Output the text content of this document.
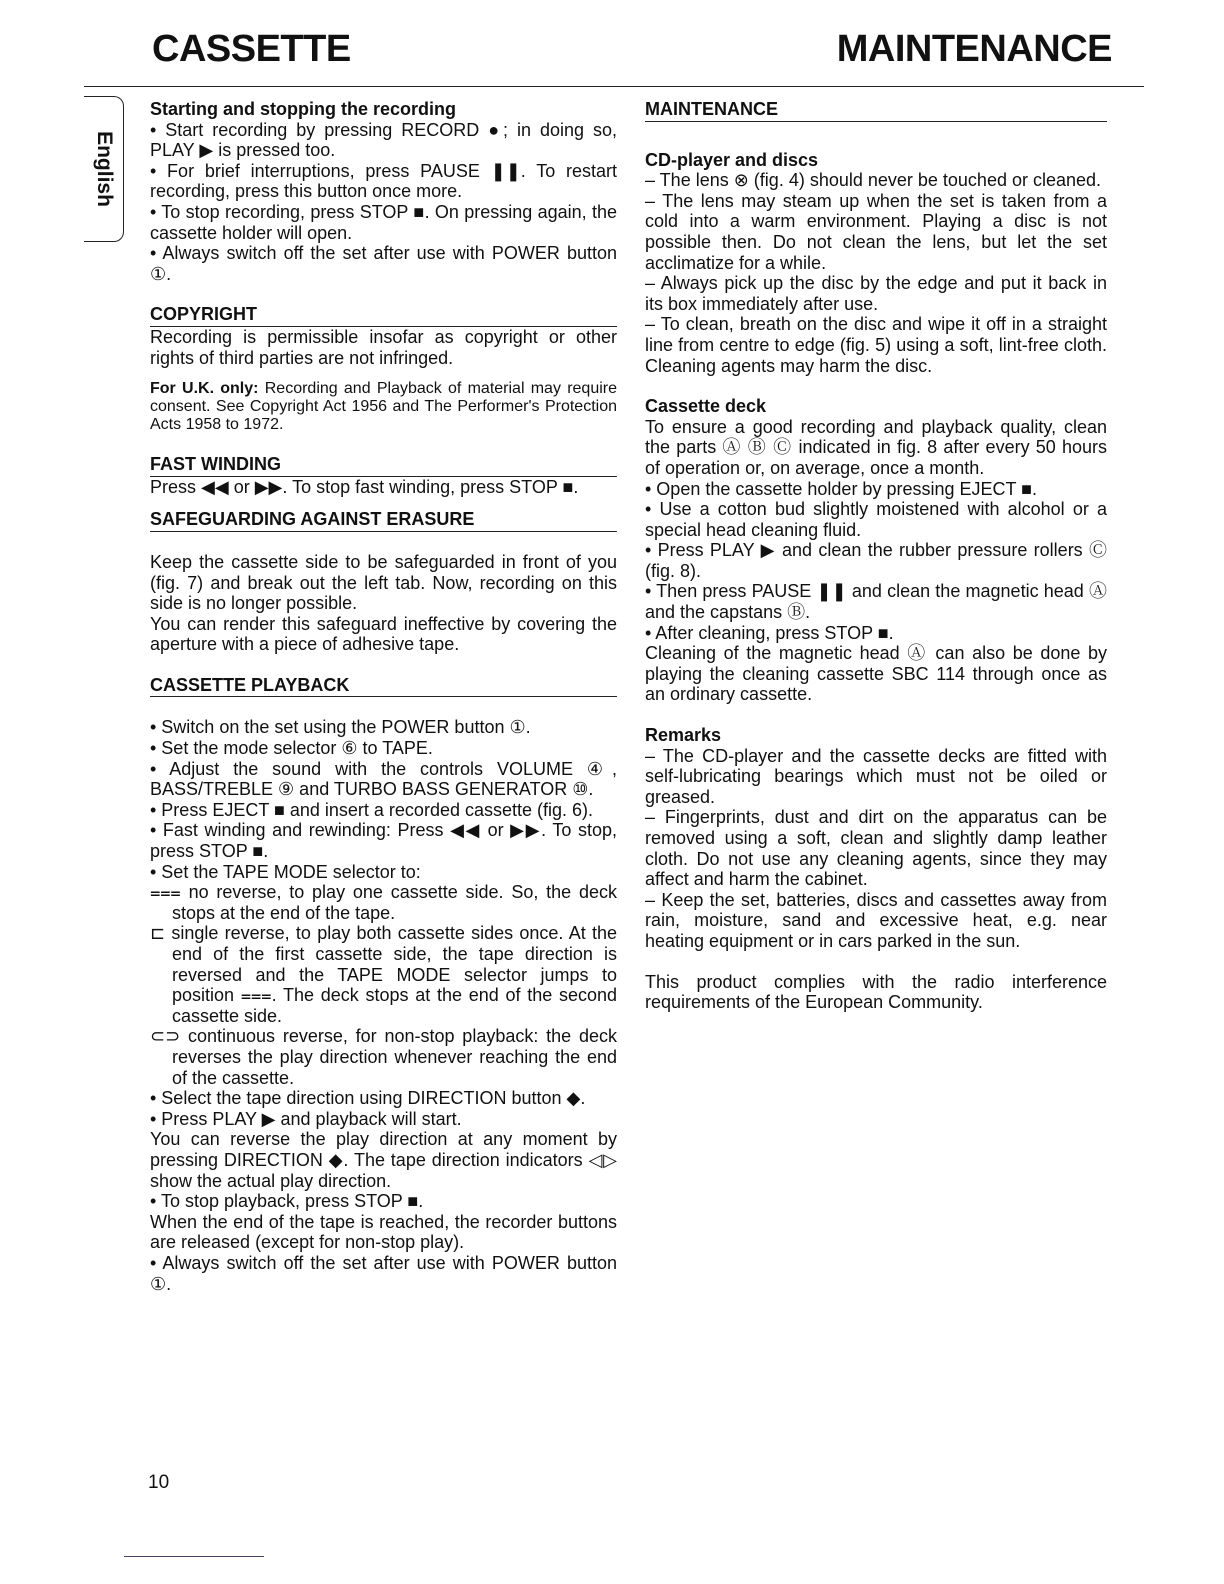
CASSETTE	MAINTENANCE
English

Starting and stopping the recording

• Start recording by pressing RECORD ●; in doing so, PLAY ▶ is pressed too.

• For brief interruptions, press PAUSE ❚❚. To restart recording, press this button once more.

• To stop recording, press STOP ■. On pressing again, the cassette holder will open.

• Always switch off the set after use with POWER button ①.

COPYRIGHT

Recording is permissible insofar as copyright or other rights of third parties are not infringed.

For U.K. only: Recording and Playback of material may require consent. See Copyright Act 1956 and The Performer's Protection Acts 1958 to 1972.

FAST WINDING

Press ◀◀ or ▶▶. To stop fast winding, press STOP ■.

SAFEGUARDING AGAINST ERASURE

Keep the cassette side to be safeguarded in front of you (fig. 7) and break out the left tab. Now, recording on this side is no longer possible.

You can render this safeguard ineffective by covering the aperture with a piece of adhesive tape.

CASSETTE PLAYBACK

• Switch on the set using the POWER button ①.

• Set the mode selector ⑥ to TAPE.

• Adjust the sound with the controls VOLUME ④, BASS/TREBLE ⑨ and TURBO BASS GENERATOR ⑩.

• Press EJECT ■ and insert a recorded cassette (fig. 6).

• Fast winding and rewinding: Press ◀◀ or ▶▶. To stop, press STOP ■.

• Set the TAPE MODE selector to:

⩶ no reverse, to play one cassette side. So, the deck stops at the end of the tape.

⊏ single reverse, to play both cassette sides once. At the end of the first cassette side, the tape direction is reversed and the TAPE MODE selector jumps to position ⩶. The deck stops at the end of the second cassette side.

⊂⊃ continuous reverse, for non-stop playback: the deck reverses the play direction whenever reaching the end of the cassette.

• Select the tape direction using DIRECTION button ◆.

• Press PLAY ▶ and playback will start.

You can reverse the play direction at any moment by pressing DIRECTION ◆. The tape direction indicators ◁▷ show the actual play direction.

• To stop playback, press STOP ■.

When the end of the tape is reached, the recorder buttons are released (except for non-stop play).

• Always switch off the set after use with POWER button ①.

MAINTENANCE

CD-player and discs

– The lens ⊗ (fig. 4) should never be touched or cleaned.

– The lens may steam up when the set is taken from a cold into a warm environment. Playing a disc is not possible then. Do not clean the lens, but let the set acclimatize for a while.

– Always pick up the disc by the edge and put it back in its box immediately after use.

– To clean, breath on the disc and wipe it off in a straight line from centre to edge (fig. 5) using a soft, lint-free cloth. Cleaning agents may harm the disc.

Cassette deck

To ensure a good recording and playback quality, clean the parts Ⓐ Ⓑ Ⓒ indicated in fig. 8 after every 50 hours of operation or, on average, once a month.

• Open the cassette holder by pressing EJECT ■.

• Use a cotton bud slightly moistened with alcohol or a special head cleaning fluid.

• Press PLAY ▶ and clean the rubber pressure rollers Ⓒ (fig. 8).

• Then press PAUSE ❚❚ and clean the magnetic head Ⓐ and the capstans Ⓑ.

• After cleaning, press STOP ■.

Cleaning of the magnetic head Ⓐ can also be done by playing the cleaning cassette SBC 114 through once as an ordinary cassette.

Remarks

– The CD-player and the cassette decks are fitted with self-lubricating bearings which must not be oiled or greased.

– Fingerprints, dust and dirt on the apparatus can be removed using a soft, clean and slightly damp leather cloth. Do not use any cleaning agents, since they may affect and harm the cabinet.

– Keep the set, batteries, discs and cassettes away from rain, moisture, sand and excessive heat, e.g. near heating equipment or in cars parked in the sun.

This product complies with the radio interference requirements of the European Community.

10
